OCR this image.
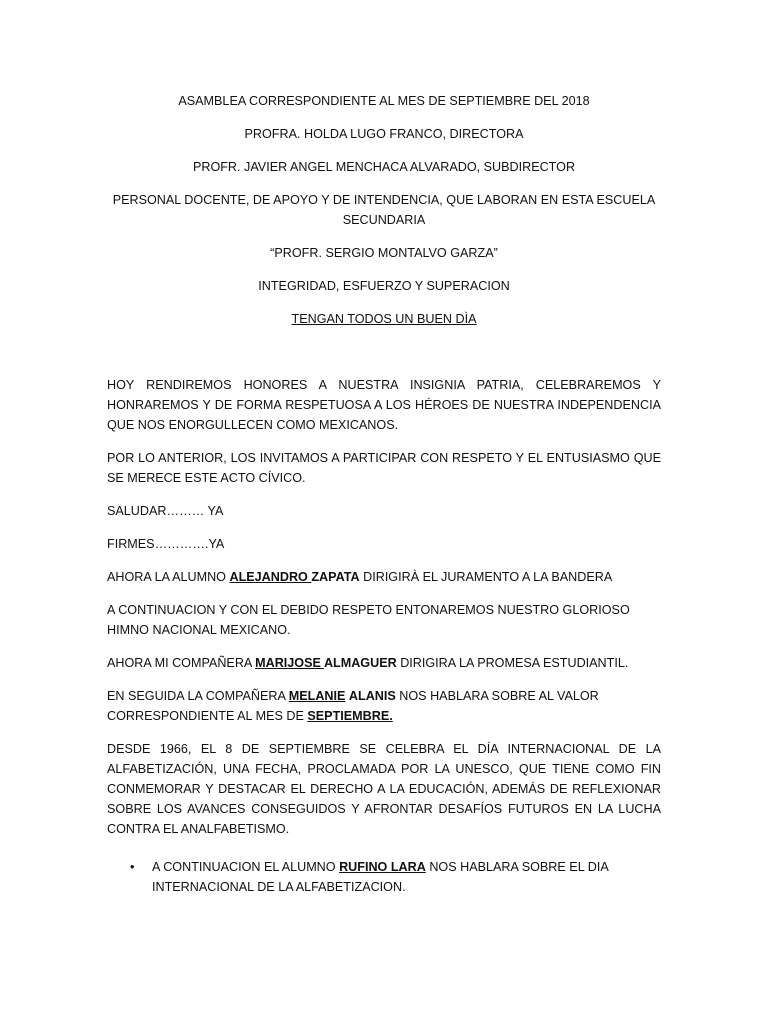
ASAMBLEA CORRESPONDIENTE AL MES DE SEPTIEMBRE DEL 2018
PROFRA. HOLDA LUGO FRANCO, DIRECTORA
PROFR. JAVIER ANGEL MENCHACA ALVARADO, SUBDIRECTOR
PERSONAL DOCENTE, DE APOYO Y DE INTENDENCIA, QUE LABORAN EN ESTA ESCUELA SECUNDARIA
“PROFR. SERGIO MONTALVO GARZA”
INTEGRIDAD, ESFUERZO Y SUPERACION
TENGAN TODOS UN BUEN DÌA

HOY RENDIREMOS HONORES A NUESTRA INSIGNIA PATRIA, CELEBRAREMOS Y HONRAREMOS Y DE FORMA RESPETUOSA A LOS HÉROES DE NUESTRA INDEPENDENCIA QUE NOS ENORGULLECEN COMO MEXICANOS.

POR LO ANTERIOR, LOS INVITAMOS A PARTICIPAR CON RESPETO Y EL ENTUSIASMO QUE SE MERECE ESTE ACTO CÍVICO.

SALUDAR……… YA

FIRMES………….YA

AHORA LA ALUMNO ALEJANDRO ZAPATA DIRIGIRÀ EL JURAMENTO A LA BANDERA

A CONTINUACION Y CON EL DEBIDO RESPETO ENTONAREMOS NUESTRO GLORIOSO HIMNO NACIONAL MEXICANO.

AHORA MI COMPAÑERA MARIJOSE ALMAGUER DIRIGIRA LA PROMESA ESTUDIANTIL.

EN SEGUIDA LA COMPAÑERA MELANIE ALANIS NOS HABLARA SOBRE AL VALOR CORRESPONDIENTE AL MES DE SEPTIEMBRE.

DESDE 1966, EL 8 DE SEPTIEMBRE SE CELEBRA EL DÍA INTERNACIONAL DE LA ALFABETIZACIÓN, UNA FECHA, PROCLAMADA POR LA UNESCO, QUE TIENE COMO FIN CONMEMORAR Y DESTACAR EL DERECHO A LA EDUCACIÓN, ADEMÁS DE REFLEXIONAR SOBRE LOS AVANCES CONSEGUIDOS Y AFRONTAR DESAFÍOS FUTUROS EN LA LUCHA CONTRA EL ANALFABETISMO.

• A CONTINUACION EL ALUMNO RUFINO LARA NOS HABLARA SOBRE EL DIA INTERNACIONAL DE LA ALFABETIZACION.
